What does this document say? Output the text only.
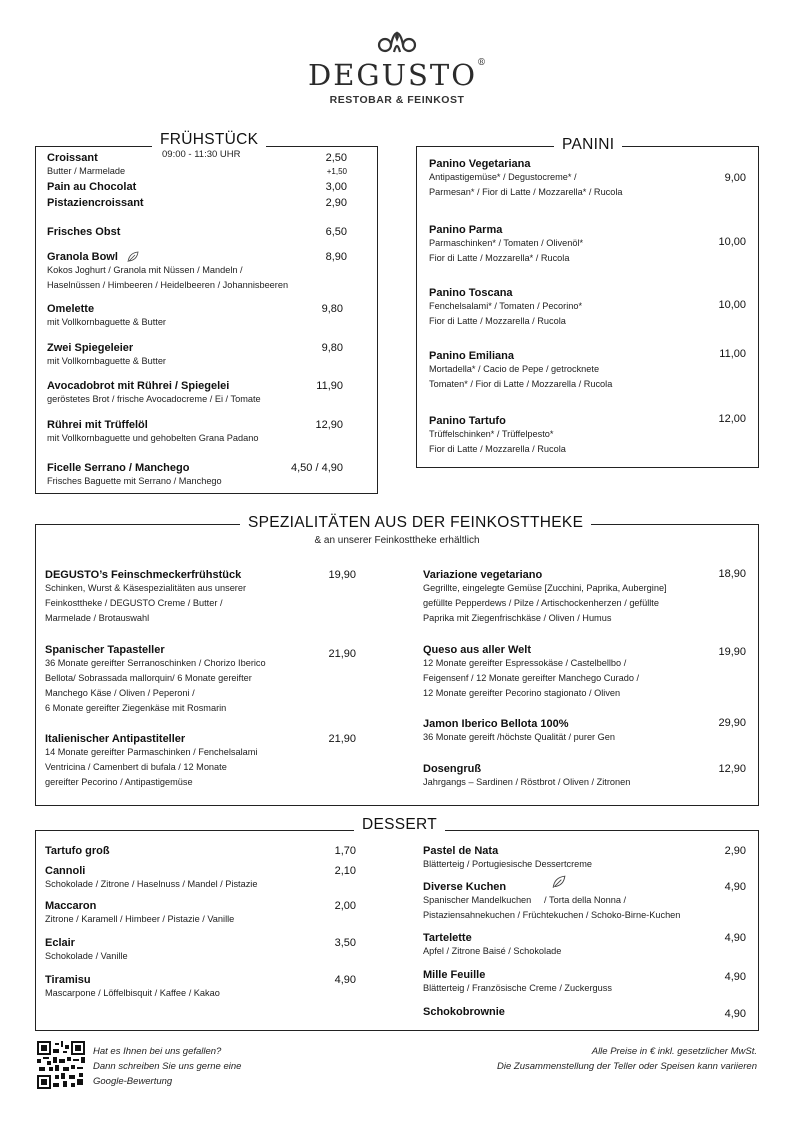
DEGUSTO®
RESTOBAR & FEINKOST
FRÜHSTÜCK
09:00 - 11:30 UHR
Croissant
Butter / Marmelade
2,50
+1,50
Pain au Chocolat	3,00
Pistaziencroissant	2,90
Frisches Obst	6,50
Granola Bowl
Kokos Joghurt / Granola mit Nüssen / Mandeln /
Haselnüssen / Himbeeren / Heidelbeeren / Johannisbeeren
8,90
Omelette
mit Vollkornbaguette & Butter
9,80
Zwei Spiegeleier
mit Vollkornbaguette & Butter
9,80
Avocadobrot mit Rührei / Spiegelei
geröstetes Brot / frische Avocadocreme / Ei / Tomate
11,90
Rührei mit Trüffelöl
mit Vollkornbaguette und gehobelten Grana Padano
12,90
Ficelle Serrano / Manchego
Frisches Baguette mit Serrano / Manchego
4,50 / 4,90
PANINI
Panino Vegetariana
Antipastigemüse* / Degustocreme* /
Parmesan* / Fior di Latte / Mozzarella* / Rucola
9,00
Panino Parma
Parmaschinken* / Tomaten / Olivenöl*
Fior di Latte / Mozzarella* / Rucola
10,00
Panino Toscana
Fenchelsalami* / Tomaten / Pecorino*
Fior di Latte / Mozzarella / Rucola
10,00
Panino Emiliana
Mortadella* / Cacio de Pepe / getrocknete
Tomaten* / Fior di Latte / Mozzarella / Rucola
11,00
Panino Tartufo
Trüffelschinken* / Trüffelpesto*
Fior di Latte / Mozzarella / Rucola
12,00
SPEZIALITÄTEN AUS DER FEINKOSTTHEKE
& an unserer Feinkosttheke erhältlich
DEGUSTO’s Feinschmeckerfrühstück
Schinken, Wurst & Käsespezialitäten aus unserer
Feinkosttheke / DEGUSTO Creme / Butter /
Marmelade / Brotauswahl
19,90
Spanischer Tapasteller
36 Monate gereifter Serranoschinken / Chorizo Iberico
Bellota/ Sobrassada mallorquin/ 6 Monate gereifter
Manchego Käse / Oliven / Peperoni /
6 Monate gereifter Ziegenkäse mit Rosmarin
21,90
Italienischer Antipastiteller
14 Monate gereifter Parmaschinken / Fenchelsalami
Ventricina / Camenbert di bufala / 12 Monate
gereifter Pecorino / Antipastigemüse
21,90
Variazione vegetariano
Gegrillte, eingelegte Gemüse [Zucchini, Paprika, Aubergine]
gefüllte Pepperdews / Pilze / Artischockenherzen / gefüllte
Paprika mit Ziegenfrischkäse / Oliven / Humus
18,90
Queso aus aller Welt
12 Monate gereifter Espressokäse / Castelbellbo /
Feigensenf / 12 Monate gereifter Manchego Curado /
12 Monate gereifter Pecorino stagionato / Oliven
19,90
Jamon Iberico Bellota 100%
36 Monate gereift /höchste Qualität / purer Gen
29,90
Dosengruß
Jahrgangs – Sardinen / Röstbrot / Oliven / Zitronen
12,90
DESSERT
Tartufo groß	1,70
Cannoli
Schokolade / Zitrone / Haselnuss / Mandel / Pistazie
2,10
Maccaron
Zitrone / Karamell / Himbeer / Pistazie / Vanille
2,00
Eclair
Schokolade / Vanille
3,50
Tiramisu
Mascarpone / Löffelbisquit / Kaffee / Kakao
4,90
Pastel de Nata
Blätterteig / Portugiesische Dessertcreme
2,90
Diverse Kuchen
Spanischer Mandelkuchen / Torta della Nonna /
Pistaziensahnekuchen / Früchtekuchen / Schoko-Birne-Kuchen
4,90
Tartelette
Apfel / Zitrone Baisé / Schokolade
4,90
Mille Feuille
Blätterteig / Französische Creme / Zuckerguss
4,90
Schokobrownie	4,90
Hat es Ihnen bei uns gefallen?
Dann schreiben Sie uns gerne eine
Google-Bewertung
Alle Preise in € inkl. gesetzlicher MwSt.
Die Zusammenstellung der Teller oder Speisen kann variieren
